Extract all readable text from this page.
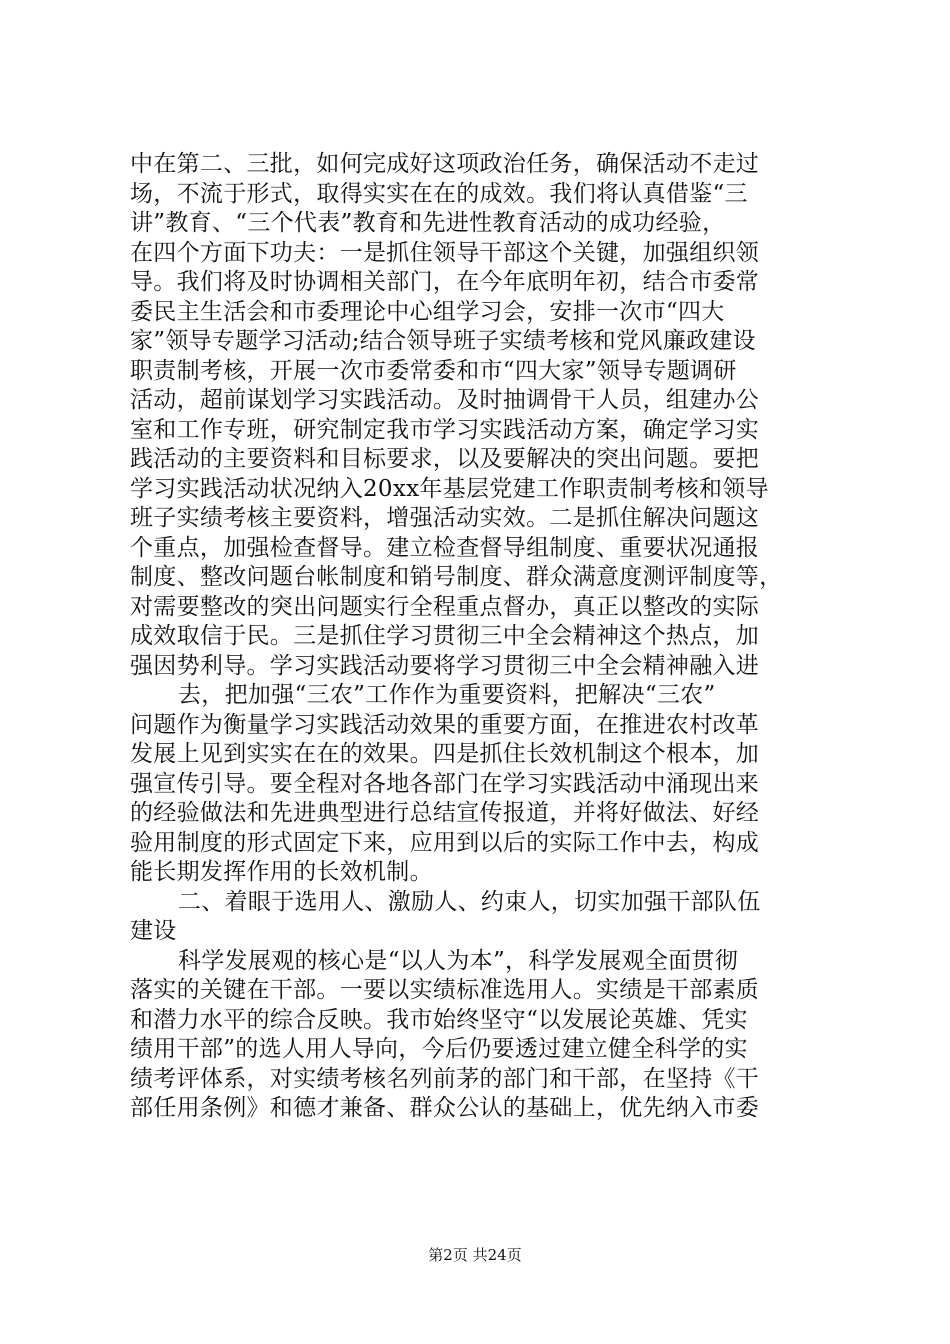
中在第二、三批，如何完成好这项政治任务，确保活动不走过
场，不流于形式，取得实实在在的成效。我们将认真借鉴“三
讲”教育、“三个代表”教育和先进性教育活动的成功经验，
在四个方面下功夫：一是抓住领导干部这个关键，加强组织领
导。我们将及时协调相关部门，在今年底明年初，结合市委常
委民主生活会和市委理论中心组学习会，安排一次市“四大
家”领导专题学习活动;结合领导班子实绩考核和党风廉政建设
职责制考核，开展一次市委常委和市“四大家”领导专题调研
活动，超前谋划学习实践活动。及时抽调骨干人员，组建办公
室和工作专班，研究制定我市学习实践活动方案，确定学习实
践活动的主要资料和目标要求，以及要解决的突出问题。要把
学习实践活动状况纳入20xx年基层党建工作职责制考核和领导
班子实绩考核主要资料，增强活动实效。二是抓住解决问题这
个重点，加强检查督导。建立检查督导组制度、重要状况通报
制度、整改问题台帐制度和销号制度、群众满意度测评制度等，
对需要整改的突出问题实行全程重点督办，真正以整改的实际
成效取信于民。三是抓住学习贯彻三中全会精神这个热点，加
强因势利导。学习实践活动要将学习贯彻三中全会精神融入进
去，把加强“三农”工作作为重要资料，把解决“三农”
问题作为衡量学习实践活动效果的重要方面，在推进农村改革
发展上见到实实在在的效果。四是抓住长效机制这个根本，加
强宣传引导。要全程对各地各部门在学习实践活动中涌现出来
的经验做法和先进典型进行总结宣传报道，并将好做法、好经
验用制度的形式固定下来，应用到以后的实际工作中去，构成
能长期发挥作用的长效机制。
二、着眼于选用人、激励人、约束人，切实加强干部队伍
建设
科学发展观的核心是“以人为本”，科学发展观全面贯彻
落实的关键在干部。一要以实绩标准选用人。实绩是干部素质
和潜力水平的综合反映。我市始终坚守“以发展论英雄、凭实
绩用干部”的选人用人导向，今后仍要透过建立健全科学的实
绩考评体系，对实绩考核名列前茅的部门和干部，在坚持《干
部任用条例》和德才兼备、群众公认的基础上，优先纳入市委
第2页 共24页
